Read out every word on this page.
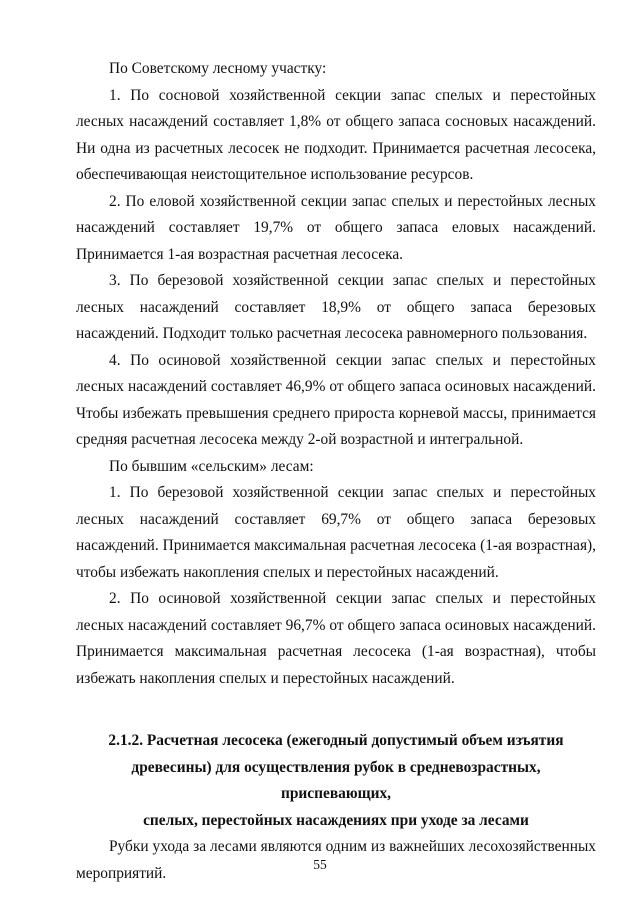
По Советскому лесному участку:

1. По сосновой хозяйственной секции запас спелых и перестойных лесных насаждений составляет 1,8% от общего запаса сосновых насаждений. Ни одна из расчетных лесосек не подходит. Принимается расчетная лесосека, обеспечивающая неистощительное использование ресурсов.

2. По еловой хозяйственной секции запас спелых и перестойных лесных насаждений составляет 19,7% от общего запаса еловых насаждений. Принимается 1-ая возрастная расчетная лесосека.

3. По березовой хозяйственной секции запас спелых и перестойных лесных насаждений составляет 18,9% от общего запаса березовых насаждений. Подходит только расчетная лесосека равномерного пользования.

4. По осиновой хозяйственной секции запас спелых и перестойных лесных насаждений составляет 46,9% от общего запаса осиновых насаждений. Чтобы избежать превышения среднего прироста корневой массы, принимается средняя расчетная лесосека между 2-ой возрастной и интегральной.

По бывшим «сельским» лесам:

1. По березовой хозяйственной секции запас спелых и перестойных лесных насаждений составляет 69,7% от общего запаса березовых насаждений. Принимается максимальная расчетная лесосека (1-ая возрастная), чтобы избежать накопления спелых и перестойных насаждений.

2. По осиновой хозяйственной секции запас спелых и перестойных лесных насаждений составляет 96,7% от общего запаса осиновых насаждений. Принимается максимальная расчетная лесосека (1-ая возрастная), чтобы избежать накопления спелых и перестойных насаждений.

2.1.2. Расчетная лесосека (ежегодный допустимый объем изъятия
древесины) для осуществления рубок в средневозрастных, приспевающих,
спелых, перестойных насаждениях при уходе за лесами

Рубки ухода за лесами являются одним из важнейших лесохозяйственных мероприятий.	55
